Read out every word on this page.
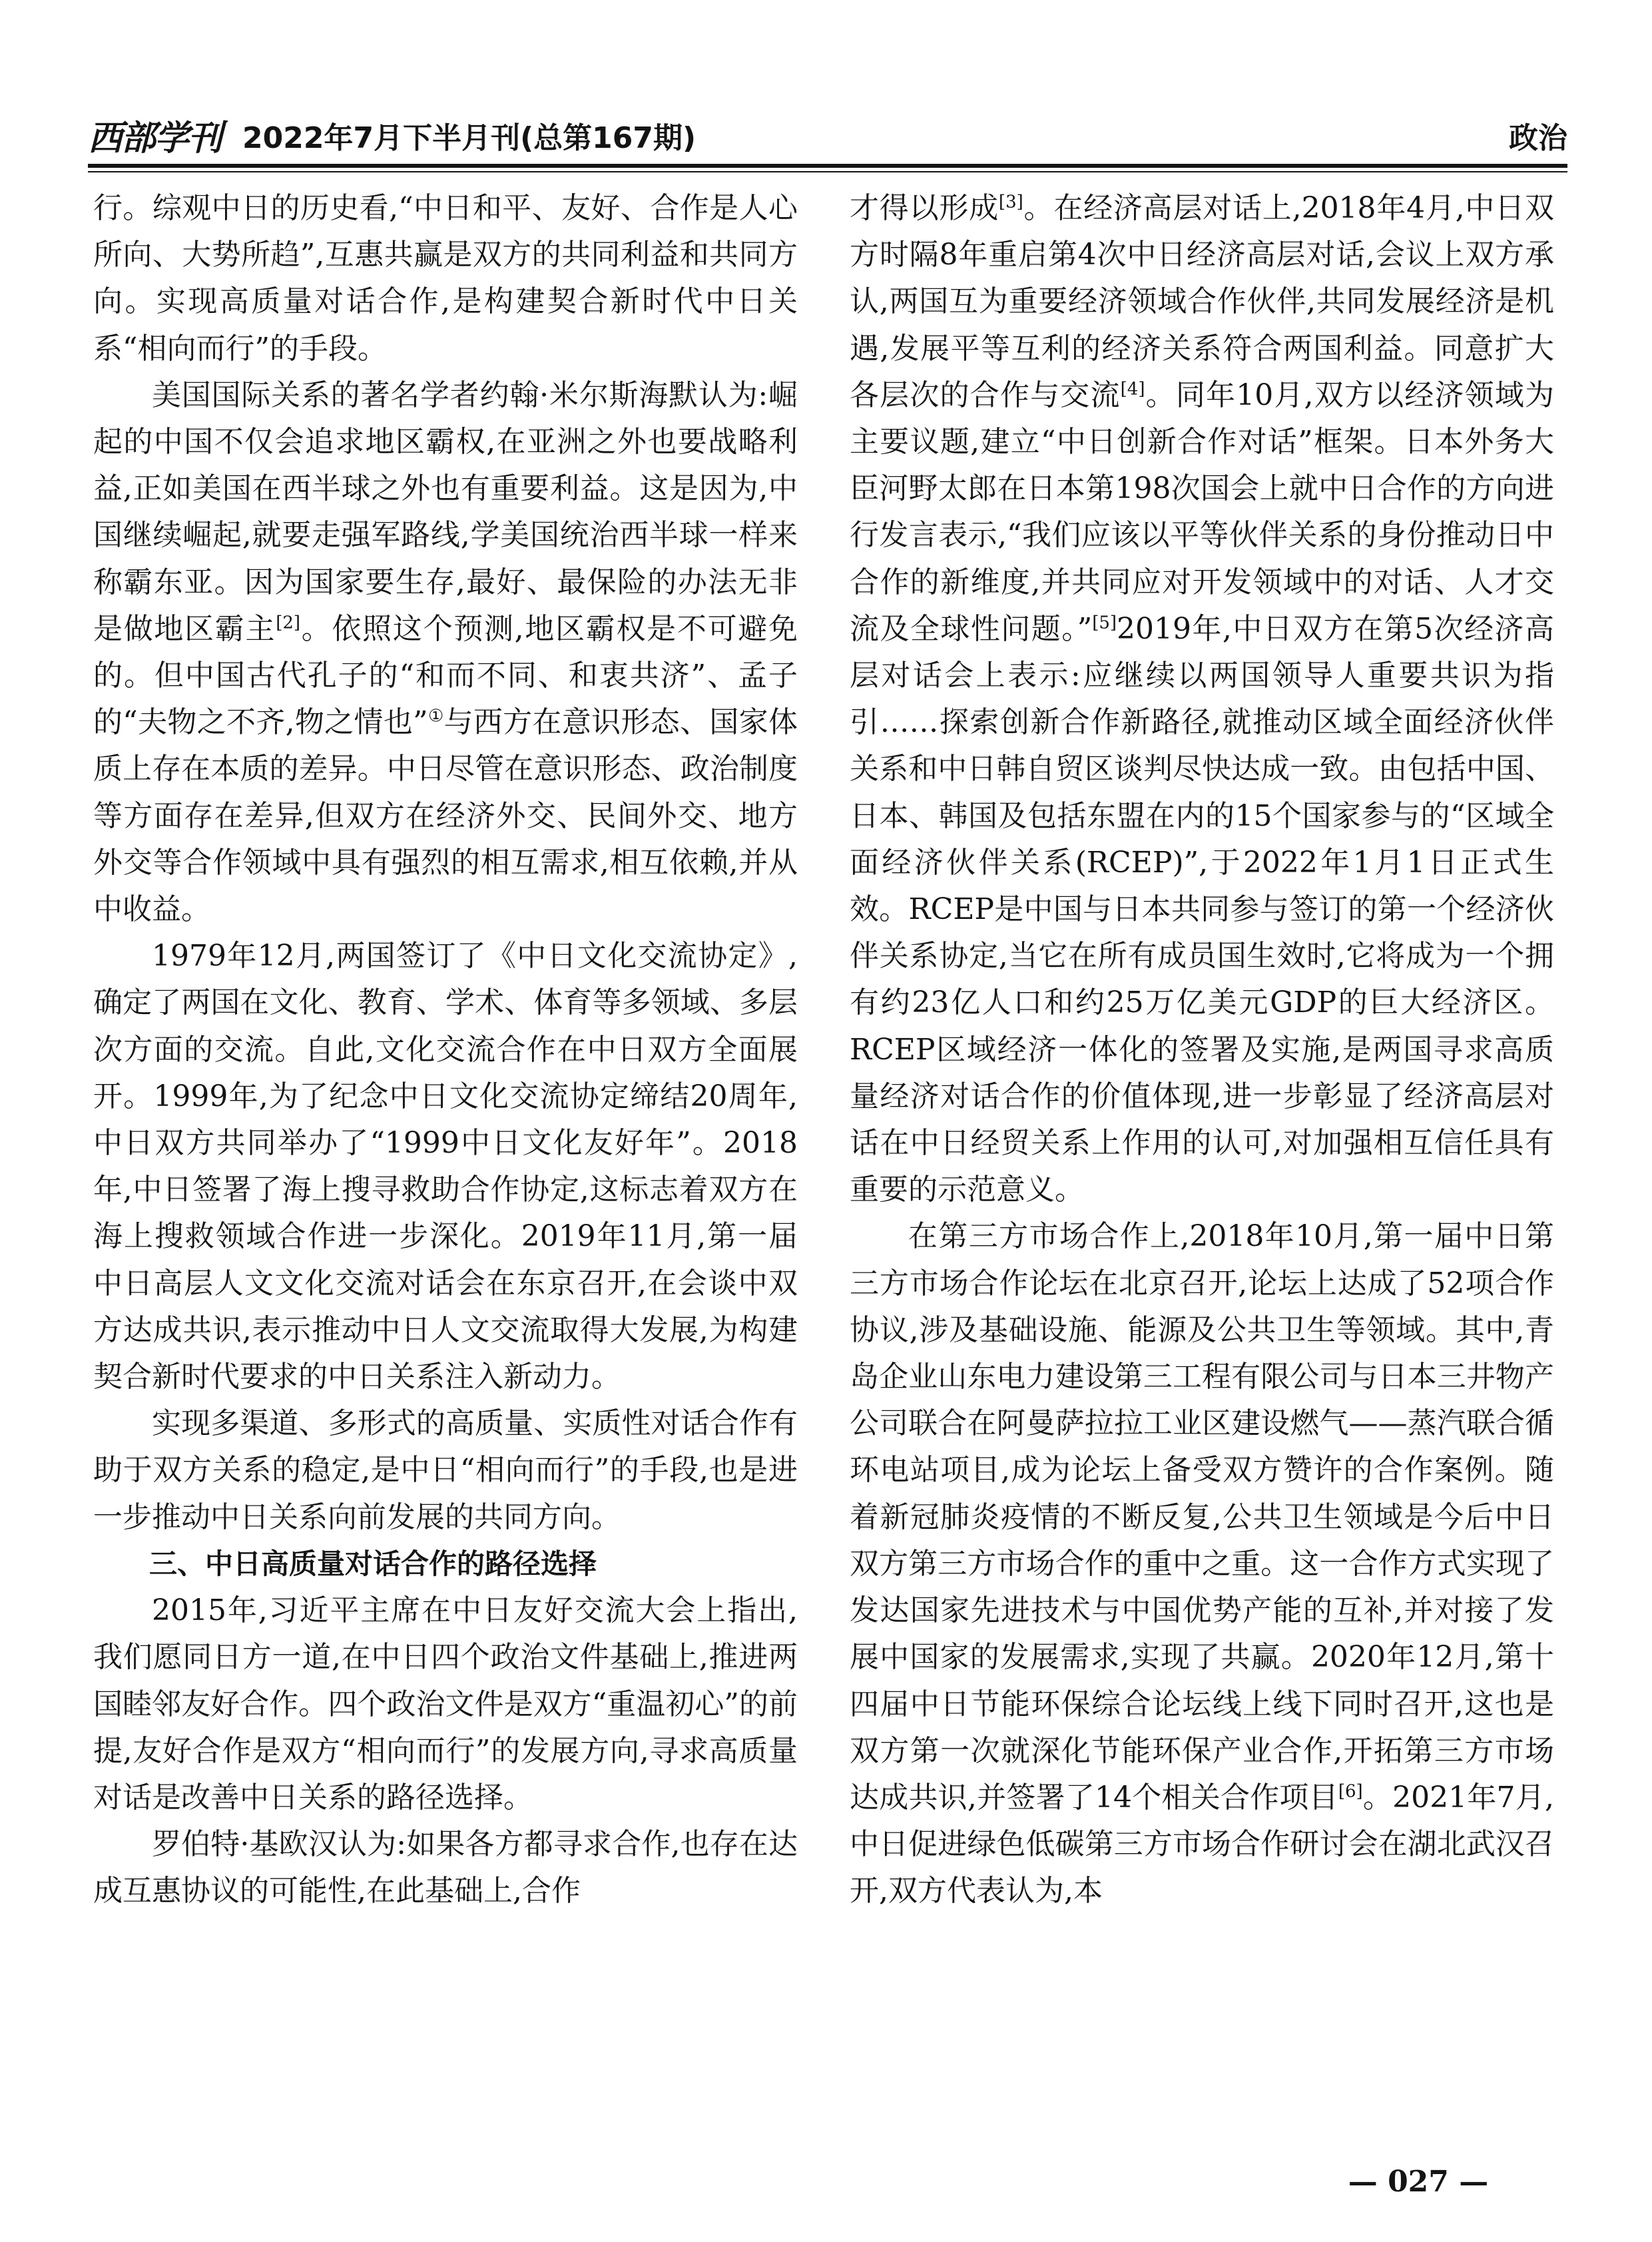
西部学刊 2022年7月下半月刊(总第167期)	政治

行。综观中日的历史看,“中日和平、友好、合作是人心所向、大势所趋”,互惠共赢是双方的共同利益和共同方向。实现高质量对话合作,是构建契合新时代中日关系“相向而行”的手段。

美国国际关系的著名学者约翰·米尔斯海默认为:崛起的中国不仅会追求地区霸权,在亚洲之外也要战略利益,正如美国在西半球之外也有重要利益。这是因为,中国继续崛起,就要走强军路线,学美国统治西半球一样来称霸东亚。因为国家要生存,最好、最保险的办法无非是做地区霸主[2]。依照这个预测,地区霸权是不可避免的。但中国古代孔子的“和而不同、和衷共济”、孟子的“夫物之不齐,物之情也”①与西方在意识形态、国家体质上存在本质的差异。中日尽管在意识形态、政治制度等方面存在差异,但双方在经济外交、民间外交、地方外交等合作领域中具有强烈的相互需求,相互依赖,并从中收益。

1979年12月,两国签订了《中日文化交流协定》,确定了两国在文化、教育、学术、体育等多领域、多层次方面的交流。自此,文化交流合作在中日双方全面展开。1999年,为了纪念中日文化交流协定缔结20周年,中日双方共同举办了“1999中日文化友好年”。2018年,中日签署了海上搜寻救助合作协定,这标志着双方在海上搜救领域合作进一步深化。2019年11月,第一届中日高层人文文化交流对话会在东京召开,在会谈中双方达成共识,表示推动中日人文交流取得大发展,为构建契合新时代要求的中日关系注入新动力。

实现多渠道、多形式的高质量、实质性对话合作有助于双方关系的稳定,是中日“相向而行”的手段,也是进一步推动中日关系向前发展的共同方向。

三、中日高质量对话合作的路径选择

2015年,习近平主席在中日友好交流大会上指出,我们愿同日方一道,在中日四个政治文件基础上,推进两国睦邻友好合作。四个政治文件是双方“重温初心”的前提,友好合作是双方“相向而行”的发展方向,寻求高质量对话是改善中日关系的路径选择。

罗伯特·基欧汉认为:如果各方都寻求合作,也存在达成互惠协议的可能性,在此基础上,合作

才得以形成[3]。在经济高层对话上,2018年4月,中日双方时隔8年重启第4次中日经济高层对话,会议上双方承认,两国互为重要经济领域合作伙伴,共同发展经济是机遇,发展平等互利的经济关系符合两国利益。同意扩大各层次的合作与交流[4]。同年10月,双方以经济领域为主要议题,建立“中日创新合作对话”框架。日本外务大臣河野太郎在日本第198次国会上就中日合作的方向进行发言表示,“我们应该以平等伙伴关系的身份推动日中合作的新维度,并共同应对开发领域中的对话、人才交流及全球性问题。”[5]2019年,中日双方在第5次经济高层对话会上表示:应继续以两国领导人重要共识为指引……探索创新合作新路径,就推动区域全面经济伙伴关系和中日韩自贸区谈判尽快达成一致。由包括中国、日本、韩国及包括东盟在内的15个国家参与的“区域全面经济伙伴关系(RCEP)”,于2022年1月1日正式生效。RCEP是中国与日本共同参与签订的第一个经济伙伴关系协定,当它在所有成员国生效时,它将成为一个拥有约23亿人口和约25万亿美元GDP的巨大经济区。RCEP区域经济一体化的签署及实施,是两国寻求高质量经济对话合作的价值体现,进一步彰显了经济高层对话在中日经贸关系上作用的认可,对加强相互信任具有重要的示范意义。

在第三方市场合作上,2018年10月,第一届中日第三方市场合作论坛在北京召开,论坛上达成了52项合作协议,涉及基础设施、能源及公共卫生等领域。其中,青岛企业山东电力建设第三工程有限公司与日本三井物产公司联合在阿曼萨拉拉工业区建设燃气——蒸汽联合循环电站项目,成为论坛上备受双方赞许的合作案例。随着新冠肺炎疫情的不断反复,公共卫生领域是今后中日双方第三方市场合作的重中之重。这一合作方式实现了发达国家先进技术与中国优势产能的互补,并对接了发展中国家的发展需求,实现了共赢。2020年12月,第十四届中日节能环保综合论坛线上线下同时召开,这也是双方第一次就深化节能环保产业合作,开拓第三方市场达成共识,并签署了14个相关合作项目[6]。2021年7月,中日促进绿色低碳第三方市场合作研讨会在湖北武汉召开,双方代表认为,本

— 027 —
